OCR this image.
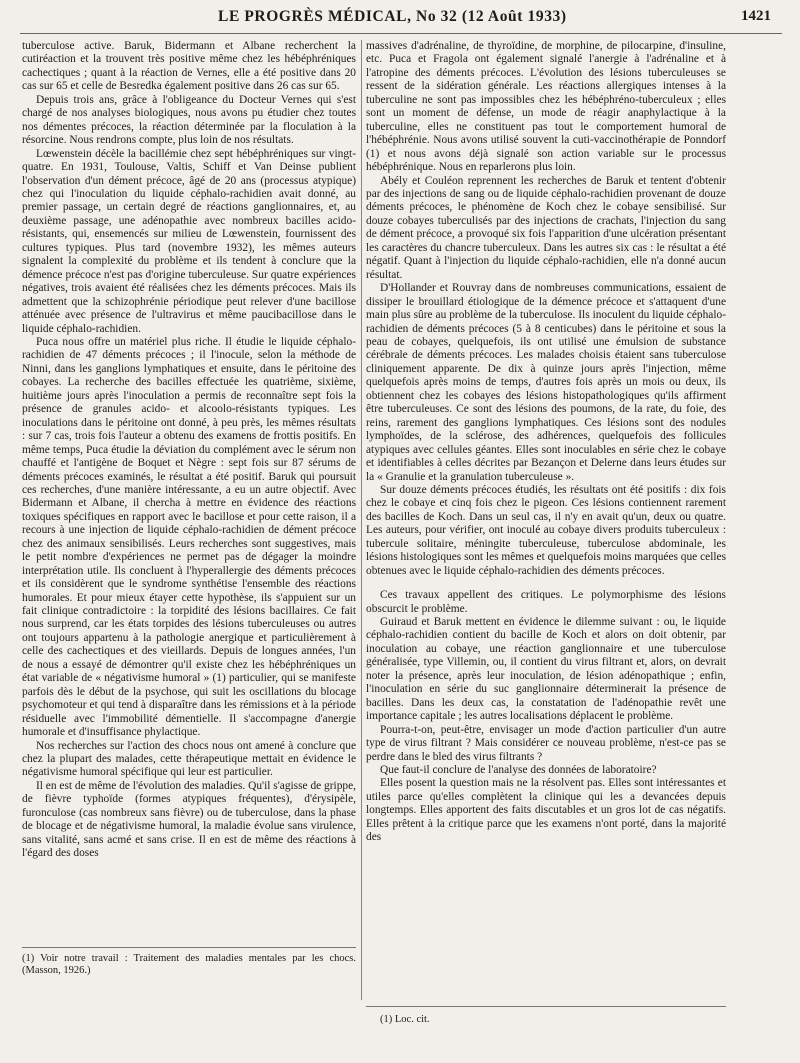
LE PROGRÈS MÉDICAL, No 32 (12 Août 1933)	1421

tuberculose active. Baruk, Bidermann et Albane recherchent la cutiréaction et la trouvent très positive même chez les hébéphréniques cachectiques ; quant à la réaction de Vernes, elle a été positive dans 20 cas sur 65 et celle de Besredka également positive dans 26 cas sur 65.

Depuis trois ans, grâce à l'obligeance du Docteur Vernes qui s'est chargé de nos analyses biologiques, nous avons pu étudier chez toutes nos démentes précoces, la réaction déterminée par la floculation à la résorcine. Nous rendrons compte, plus loin de nos résultats.

Lœwenstein décèle la bacillémie chez sept hébéphréniques sur vingt-quatre. En 1931, Toulouse, Valtis, Schiff et Van Deinse publient l'observation d'un dément précoce, âgé de 20 ans (processus atypique) chez qui l'inoculation du liquide céphalo-rachidien avait donné, au premier passage, un certain degré de réactions ganglionnaires, et, au deuxième passage, une adénopathie avec nombreux bacilles acido-résistants, qui, ensemencés sur milieu de Lœwenstein, fournissent des cultures typiques. Plus tard (novembre 1932), les mêmes auteurs signalent la complexité du problème et ils tendent à conclure que la démence précoce n'est pas d'origine tuberculeuse. Sur quatre expériences négatives, trois avaient été réalisées chez les déments précoces. Mais ils admettent que la schizophrénie périodique peut relever d'une bacillose atténuée avec présence de l'ultravirus et même paucibacillose dans le liquide céphalo-rachidien.

Puca nous offre un matériel plus riche. Il étudie le liquide céphalo-rachidien de 47 déments précoces ; il l'inocule, selon la méthode de Ninni, dans les ganglions lymphatiques et ensuite, dans le péritoine des cobayes. La recherche des bacilles effectuée les quatrième, sixième, huitième jours après l'inoculation a permis de reconnaître sept fois la présence de granules acido- et alcoolo-résistants typiques. Les inoculations dans le péritoine ont donné, à peu près, les mêmes résultats : sur 7 cas, trois fois l'auteur a obtenu des examens de frottis positifs. En même temps, Puca étudie la déviation du complément avec le sérum non chauffé et l'antigène de Boquet et Nègre : sept fois sur 87 sérums de déments précoces examinés, le résultat a été positif. Baruk qui poursuit ces recherches, d'une manière intéressante, a eu un autre objectif. Avec Bidermann et Albane, il chercha à mettre en évidence des réactions toxiques spécifiques en rapport avec le bacillose et pour cette raison, il a recours à une injection de liquide céphalo-rachidien de dément précoce chez des animaux sensibilisés. Leurs recherches sont suggestives, mais le petit nombre d'expériences ne permet pas de dégager la moindre interprétation utile. Ils concluent à l'hyperallergie des déments précoces et ils considèrent que le syndrome synthétise l'ensemble des réactions humorales. Et pour mieux étayer cette hypothèse, ils s'appuient sur un fait clinique contradictoire : la torpidité des lésions bacillaires. Ce fait nous surprend, car les états torpides des lésions tuberculeuses ou autres ont toujours appartenu à la pathologie anergique et particulièrement à celle des cachectiques et des vieillards. Depuis de longues années, l'un de nous a essayé de démontrer qu'il existe chez les hébéphréniques un état variable de « négativisme humoral » (1) particulier, qui se manifeste parfois dès le début de la psychose, qui suit les oscillations du blocage psychomoteur et qui tend à disparaître dans les rémissions et à la période résiduelle avec l'immobilité démentielle. Il s'accompagne d'anergie humorale et d'insuffisance phylactique.

Nos recherches sur l'action des chocs nous ont amené à conclure que chez la plupart des malades, cette thérapeutique mettait en évidence le négativisme humoral spécifique qui leur est particulier.

Il en est de même de l'évolution des maladies. Qu'il s'agisse de grippe, de fièvre typhoïde (formes atypiques fréquentes), d'érysipèle, furonculose (cas nombreux sans fièvre) ou de tuberculose, dans la phase de blocage et de négativisme humoral, la maladie évolue sans virulence, sans vitalité, sans acmé et sans crise. Il en est de même des réactions à l'égard des doses

(1) Voir notre travail : Traitement des maladies mentales par les chocs. (Masson, 1926.)

massives d'adrénaline, de thyroïdine, de morphine, de pilocarpine, d'insuline, etc. Puca et Fragola ont également signalé l'anergie à l'adrénaline et à l'atropine des déments précoces. L'évolution des lésions tuberculeuses se ressent de la sidération générale. Les réactions allergiques intenses à la tuberculine ne sont pas impossibles chez les hébéphréno-tuberculeux ; elles sont un moment de défense, un mode de réagir anaphylactique à la tuberculine, elles ne constituent pas tout le comportement humoral de l'hébéphrénie. Nous avons utilisé souvent la cuti-vaccinothérapie de Ponndorf (1) et nous avons déjà signalé son action variable sur le processus hébéphrénique. Nous en reparlerons plus loin.

Abély et Couléon reprennent les recherches de Baruk et tentent d'obtenir par des injections de sang ou de liquide céphalo-rachidien provenant de douze déments précoces, le phénomène de Koch chez le cobaye sensibilisé. Sur douze cobayes tuberculisés par des injections de crachats, l'injection du sang de dément précoce, a provoqué six fois l'apparition d'une ulcération présentant les caractères du chancre tuberculeux. Dans les autres six cas : le résultat a été négatif. Quant à l'injection du liquide céphalo-rachidien, elle n'a donné aucun résultat.

D'Hollander et Rouvray dans de nombreuses communications, essaient de dissiper le brouillard étiologique de la démence précoce et s'attaquent d'une main plus sûre au problème de la tuberculose. Ils inoculent du liquide céphalo-rachidien de déments précoces (5 à 8 centicubes) dans le péritoine et sous la peau de cobayes, quelquefois, ils ont utilisé une émulsion de substance cérébrale de déments précoces. Les malades choisis étaient sans tuberculose cliniquement apparente. De dix à quinze jours après l'injection, même quelquefois après moins de temps, d'autres fois après un mois ou deux, ils obtiennent chez les cobayes des lésions histopathologiques qu'ils affirment être tuberculeuses. Ce sont des lésions des poumons, de la rate, du foie, des reins, rarement des ganglions lymphatiques. Ces lésions sont des nodules lymphoïdes, de la sclérose, des adhérences, quelquefois des follicules atypiques avec cellules géantes. Elles sont inoculables en série chez le cobaye et identifiables à celles décrites par Bezançon et Delerne dans leurs études sur la « Granulie et la granulation tuberculeuse ».

Sur douze déments précoces étudiés, les résultats ont été positifs : dix fois chez le cobaye et cinq fois chez le pigeon. Ces lésions contiennent rarement des bacilles de Koch. Dans un seul cas, il n'y en avait qu'un, deux ou quatre. Les auteurs, pour vérifier, ont inoculé au cobaye divers produits tuberculeux : tubercule solitaire, méningite tuberculeuse, tuberculose abdominale, les lésions histologiques sont les mêmes et quelquefois moins marquées que celles obtenues avec le liquide céphalo-rachidien des déments précoces.

Ces travaux appellent des critiques. Le polymorphisme des lésions obscurcit le problème.

Guiraud et Baruk mettent en évidence le dilemme suivant : ou, le liquide céphalo-rachidien contient du bacille de Koch et alors on doit obtenir, par inoculation au cobaye, une réaction ganglionnaire et une tuberculose généralisée, type Villemin, ou, il contient du virus filtrant et, alors, on devrait noter la présence, après leur inoculation, de lésion adénopathique ; enfin, l'inoculation en série du suc ganglionnaire déterminerait la présence de bacilles. Dans les deux cas, la constatation de l'adénopathie revêt une importance capitale ; les autres localisations déplacent le problème.

Pourra-t-on, peut-être, envisager un mode d'action particulier d'un autre type de virus filtrant ? Mais considérer ce nouveau problème, n'est-ce pas se perdre dans le bled des virus filtrants ?

Que faut-il conclure de l'analyse des données de laboratoire?

Elles posent la question mais ne la résolvent pas. Elles sont intéressantes et utiles parce qu'elles complètent la clinique qui les a devancées depuis longtemps. Elles apportent des faits discutables et un gros lot de cas négatifs. Elles prêtent à la critique parce que les examens n'ont porté, dans la majorité des

(1) Loc. cit.
